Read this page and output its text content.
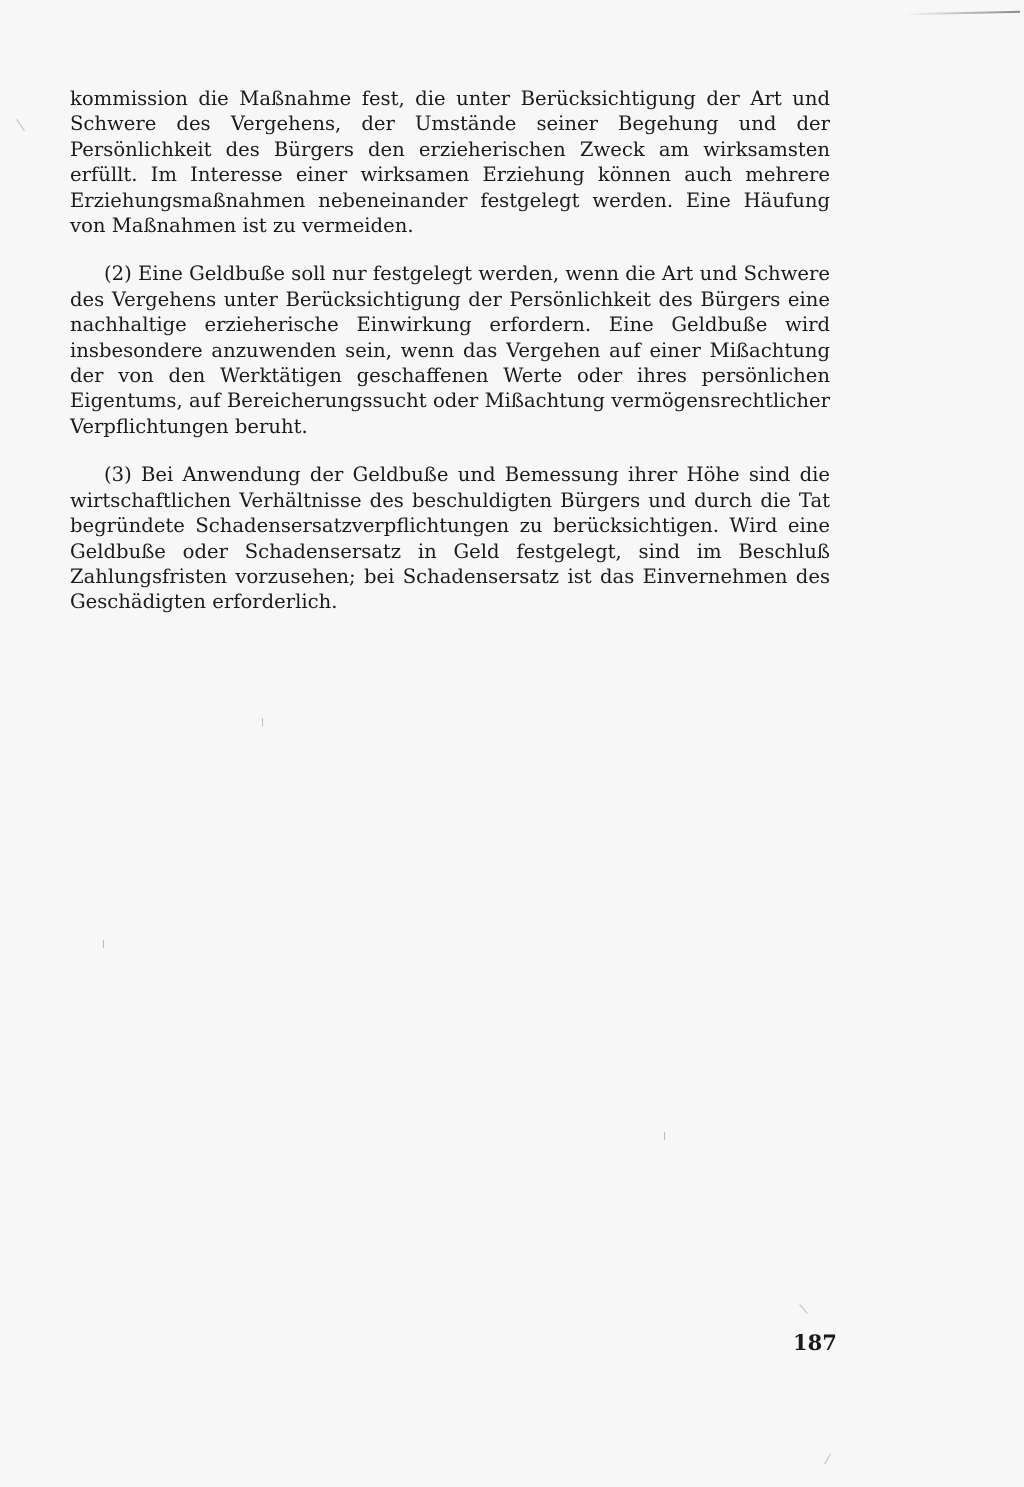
kommission die Maßnahme fest, die unter Berücksichtigung der Art und Schwere des Vergehens, der Umstände seiner Begehung und der Persönlichkeit des Bürgers den erzieherischen Zweck am wirksamsten erfüllt. Im Interesse einer wirksamen Erziehung können auch mehrere Erziehungsmaßnahmen nebeneinander festgelegt werden. Eine Häufung von Maßnahmen ist zu vermeiden.

(2) Eine Geldbuße soll nur festgelegt werden, wenn die Art und Schwere des Vergehens unter Berücksichtigung der Persönlichkeit des Bürgers eine nachhaltige erzieherische Einwirkung erfordern. Eine Geldbuße wird insbesondere anzuwenden sein, wenn das Vergehen auf einer Mißachtung der von den Werktätigen geschaffenen Werte oder ihres persönlichen Eigentums, auf Bereicherungssucht oder Mißachtung vermögensrechtlicher Verpflichtungen beruht.

(3) Bei Anwendung der Geldbuße und Bemessung ihrer Höhe sind die wirtschaftlichen Verhältnisse des beschuldigten Bürgers und durch die Tat begründete Schadensersatzverpflichtungen zu berücksichtigen. Wird eine Geldbuße oder Schadensersatz in Geld festgelegt, sind im Beschluß Zahlungsfristen vorzusehen; bei Schadensersatz ist das Einvernehmen des Geschädigten erforderlich.

187
